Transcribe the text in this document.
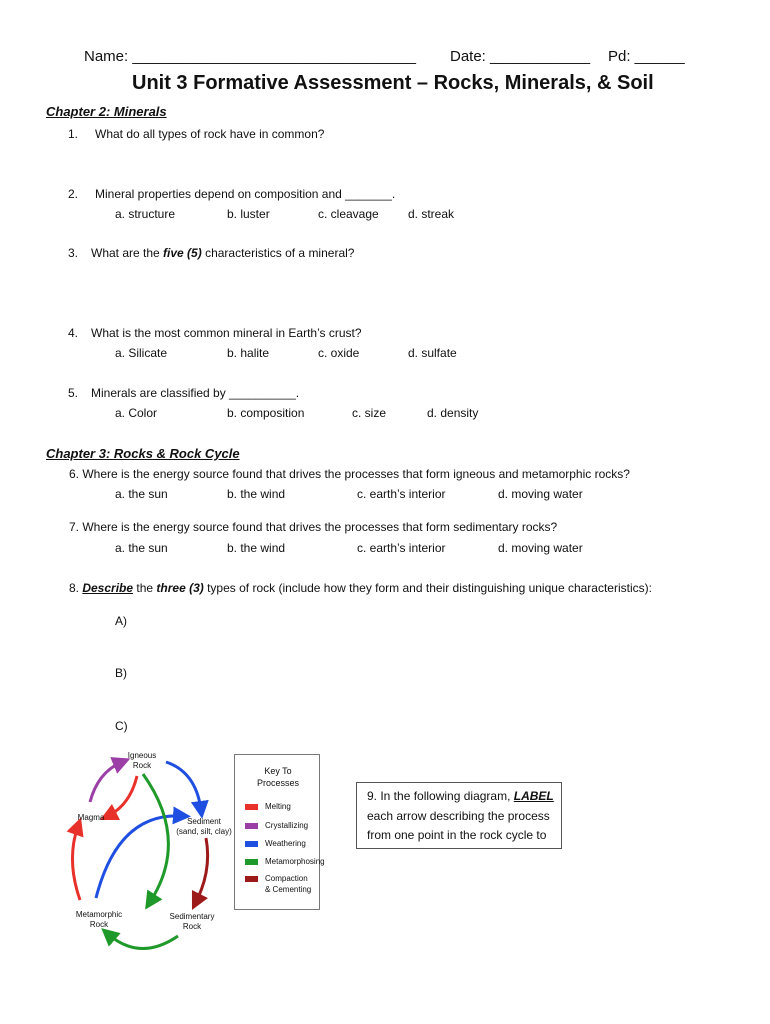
Name: __________________________________ Date: ____________ Pd: ______
Unit 3 Formative Assessment – Rocks, Minerals, & Soil
Chapter 2: Minerals
1. What do all types of rock have in common?
2. Mineral properties depend on composition and _______.
a. structure	b. luster	c. cleavage d. streak
3. What are the five (5) characteristics of a mineral?
4. What is the most common mineral in Earth’s crust?
a. Silicate	b. halite	c. oxide	d. sulfate
5. Minerals are classified by __________.
a. Color	b. composition	c. size	d. density
Chapter 3: Rocks & Rock Cycle
6. Where is the energy source found that drives the processes that form igneous and metamorphic rocks?
a. the sun	b. the wind	c. earth’s interior	d. moving water
7. Where is the energy source found that drives the processes that form sedimentary rocks?
a. the sun	b. the wind	c. earth’s interior	d. moving water
8. Describe the three (3) types of rock (include how they form and their distinguishing unique characteristics):
A)
B)
C)
Igneous
Rock
Magma	Sediment
(sand, silt, clay)
Metamorphic
Rock
Sedimentary
Rock
Key To
Processes
Melting
Crystallizing
Weathering
Metamorphosing
Compaction
& Cementing
9. In the following diagram, LABEL
each arrow describing the process
from one point in the rock cycle to
